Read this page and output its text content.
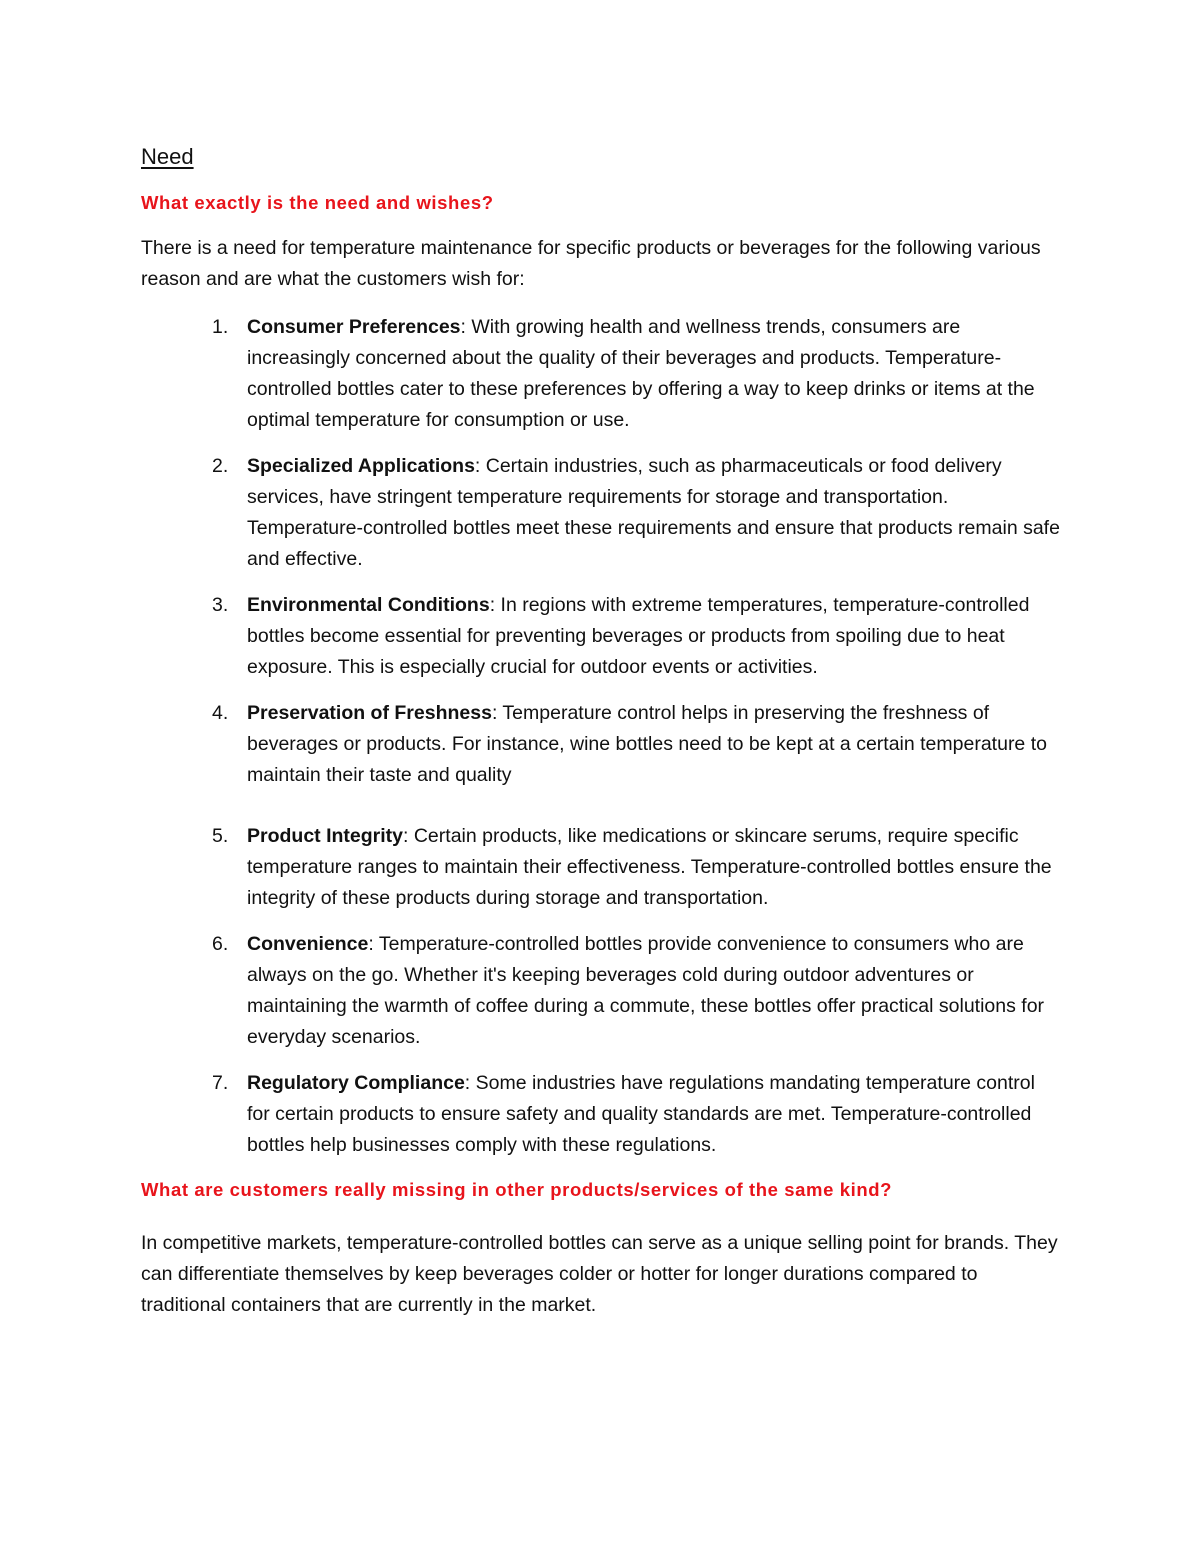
Need

What exactly is the need and wishes?

There is a need for temperature maintenance for specific products or beverages for the following various reason and are what the customers wish for:

1. Consumer Preferences: With growing health and wellness trends, consumers are increasingly concerned about the quality of their beverages and products. Temperature-controlled bottles cater to these preferences by offering a way to keep drinks or items at the optimal temperature for consumption or use.
2. Specialized Applications: Certain industries, such as pharmaceuticals or food delivery services, have stringent temperature requirements for storage and transportation. Temperature-controlled bottles meet these requirements and ensure that products remain safe and effective.
3. Environmental Conditions: In regions with extreme temperatures, temperature-controlled bottles become essential for preventing beverages or products from spoiling due to heat exposure. This is especially crucial for outdoor events or activities.
4. Preservation of Freshness: Temperature control helps in preserving the freshness of beverages or products. For instance, wine bottles need to be kept at a certain temperature to maintain their taste and quality
5. Product Integrity: Certain products, like medications or skincare serums, require specific temperature ranges to maintain their effectiveness. Temperature-controlled bottles ensure the integrity of these products during storage and transportation.
6. Convenience: Temperature-controlled bottles provide convenience to consumers who are always on the go. Whether it's keeping beverages cold during outdoor adventures or maintaining the warmth of coffee during a commute, these bottles offer practical solutions for everyday scenarios.
7. Regulatory Compliance: Some industries have regulations mandating temperature control for certain products to ensure safety and quality standards are met. Temperature-controlled bottles help businesses comply with these regulations.

What are customers really missing in other products/services of the same kind?

In competitive markets, temperature-controlled bottles can serve as a unique selling point for brands. They can differentiate themselves by keep beverages colder or hotter for longer durations compared to traditional containers that are currently in the market.
